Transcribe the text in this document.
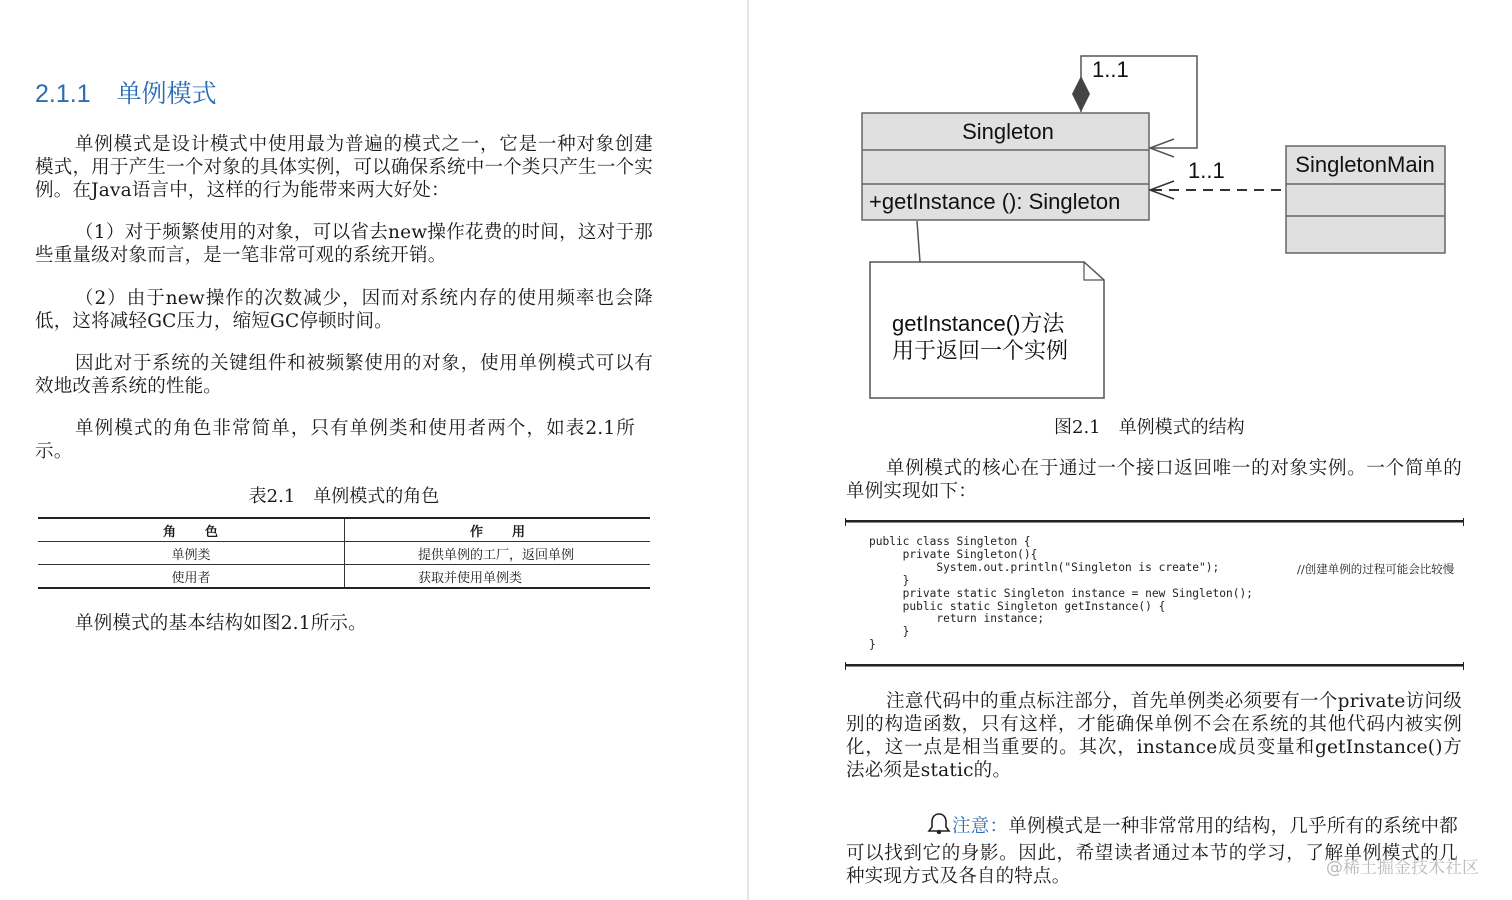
2.1.1 单例模式

单例模式是设计模式中使用最为普遍的模式之一，它是一种对象创建模式，用于产生一个对象的具体实例，可以确保系统中一个类只产生一个实例。在Java语言中，这样的行为能带来两大好处：

（1）对于频繁使用的对象，可以省去new操作花费的时间，这对于那些重量级对象而言，是一笔非常可观的系统开销。

（2）由于new操作的次数减少，因而对系统内存的使用频率也会降低，这将减轻GC压力，缩短GC停顿时间。

因此对于系统的关键组件和被频繁使用的对象，使用单例模式可以有效地改善系统的性能。

单例模式的角色非常简单，只有单例类和使用者两个，如表2.1所示。

表2.1　单例模式的角色
角　　色	作　　用
单例类	提供单例的工厂，返回单例
使用者	获取并使用单例类

单例模式的基本结构如图2.1所示。

1..1
Singleton
+getInstance (): Singleton
SingletonMain
1..1
getInstance()方法
用于返回一个实例
图2.1　单例模式的结构

单例模式的核心在于通过一个接口返回唯一的对象实例。一个简单的单例实现如下：

public class Singleton {
private Singleton(){
System.out.println("Singleton is create");
}
private static Singleton instance = new Singleton();
public static Singleton getInstance() {
return instance;
}
}
//创建单例的过程可能会比较慢

注意代码中的重点标注部分，首先单例类必须要有一个private访问级别的构造函数，只有这样，才能确保单例不会在系统的其他代码内被实例化，这一点是相当重要的。其次，instance成员变量和getInstance()方法必须是static的。

注意：单例模式是一种非常常用的结构，几乎所有的系统中都可以找到它的身影。因此，希望读者通过本节的学习，了解单例模式的几种实现方式及各自的特点。	@稀土掘金技术社区
